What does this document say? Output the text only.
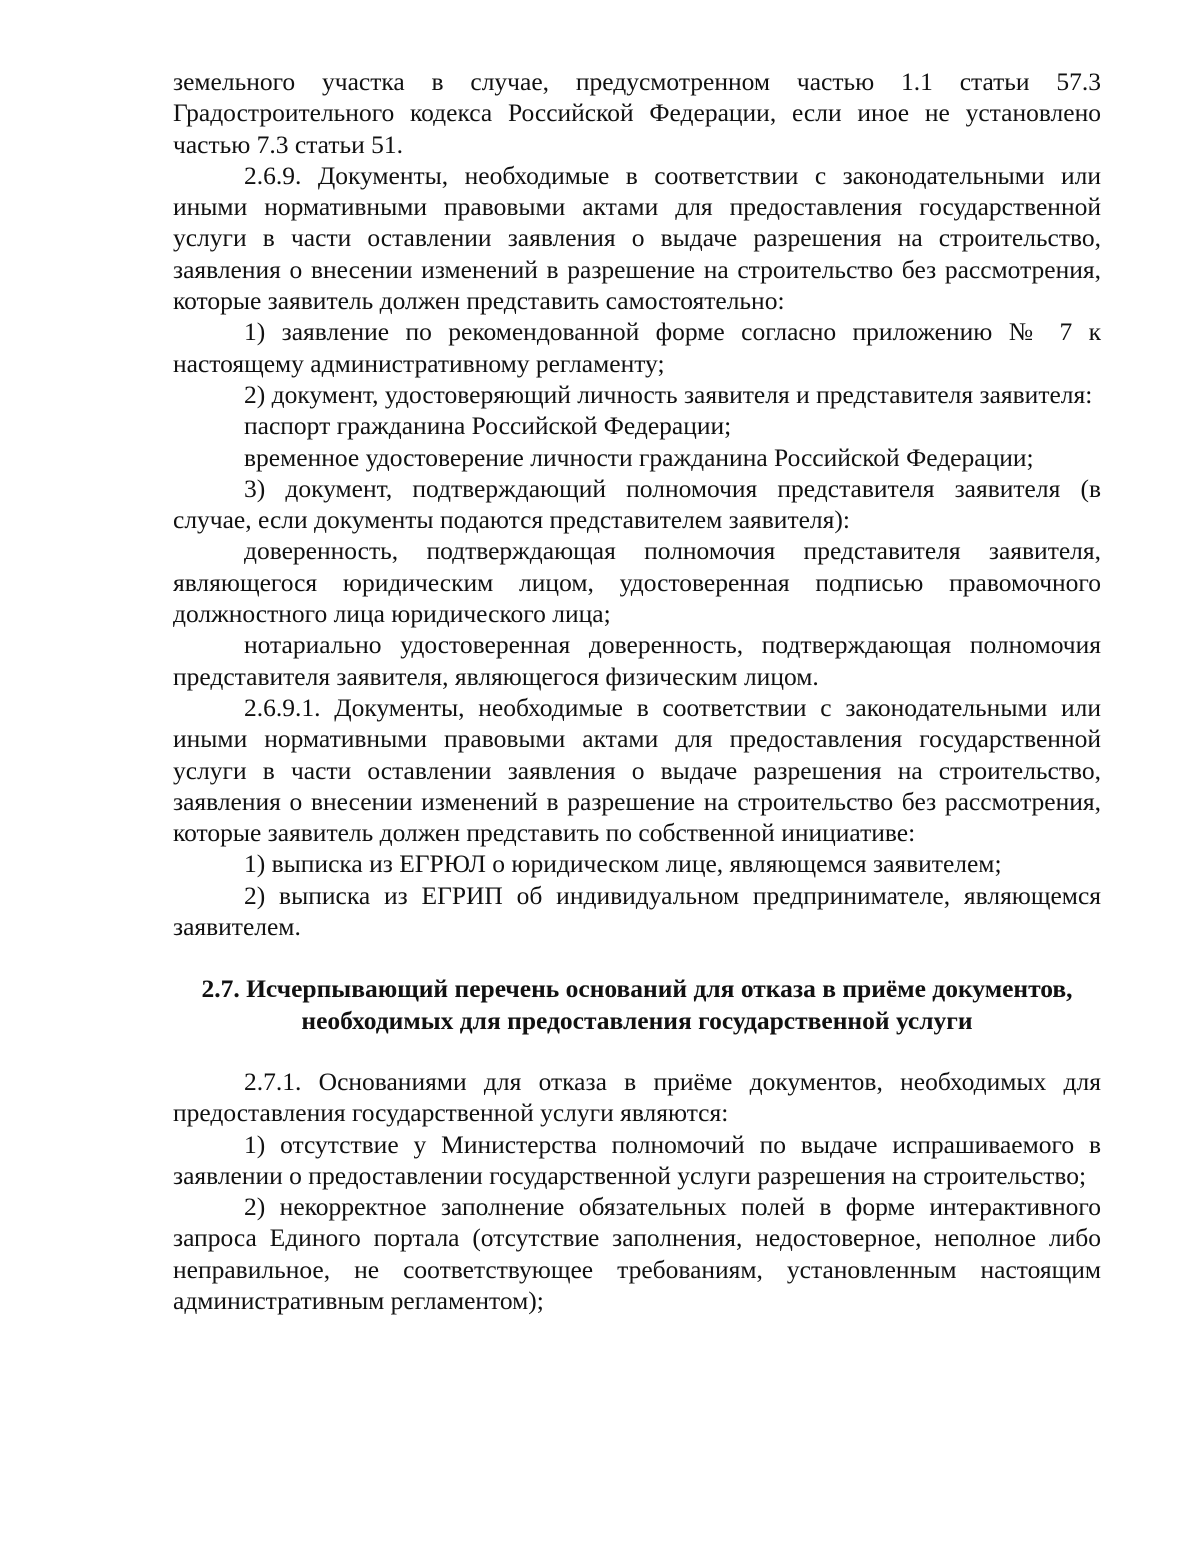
земельного участка в случае, предусмотренном частью 1.1 статьи 57.3 Градостроительного кодекса Российской Федерации, если иное не установлено частью 7.3 статьи 51.

2.6.9. Документы, необходимые в соответствии с законодательными или иными нормативными правовыми актами для предоставления государственной услуги в части оставлении заявления о выдаче разрешения на строительство, заявления о внесении изменений в разрешение на строительство без рассмотрения, которые заявитель должен представить самостоятельно:

1) заявление по рекомендованной форме согласно приложению № 7 к настоящему административному регламенту;

2) документ, удостоверяющий личность заявителя и представителя заявителя:

паспорт гражданина Российской Федерации;

временное удостоверение личности гражданина Российской Федерации;

3) документ, подтверждающий полномочия представителя заявителя (в случае, если документы подаются представителем заявителя):

доверенность, подтверждающая полномочия представителя заявителя, являющегося юридическим лицом, удостоверенная подписью правомочного должностного лица юридического лица;

нотариально удостоверенная доверенность, подтверждающая полномочия представителя заявителя, являющегося физическим лицом.

2.6.9.1. Документы, необходимые в соответствии с законодательными или иными нормативными правовыми актами для предоставления государственной услуги в части оставлении заявления о выдаче разрешения на строительство, заявления о внесении изменений в разрешение на строительство без рассмотрения, которые заявитель должен представить по собственной инициативе:

1) выписка из ЕГРЮЛ о юридическом лице, являющемся заявителем;

2) выписка из ЕГРИП об индивидуальном предпринимателе, являющемся заявителем.

2.7. Исчерпывающий перечень оснований для отказа в приёме документов, необходимых для предоставления государственной услуги

2.7.1. Основаниями для отказа в приёме документов, необходимых для предоставления государственной услуги являются:

1) отсутствие у Министерства полномочий по выдаче испрашиваемого в заявлении о предоставлении государственной услуги разрешения на строительство;

2) некорректное заполнение обязательных полей в форме интерактивного запроса Единого портала (отсутствие заполнения, недостоверное, неполное либо неправильное, не соответствующее требованиям, установленным настоящим административным регламентом);
